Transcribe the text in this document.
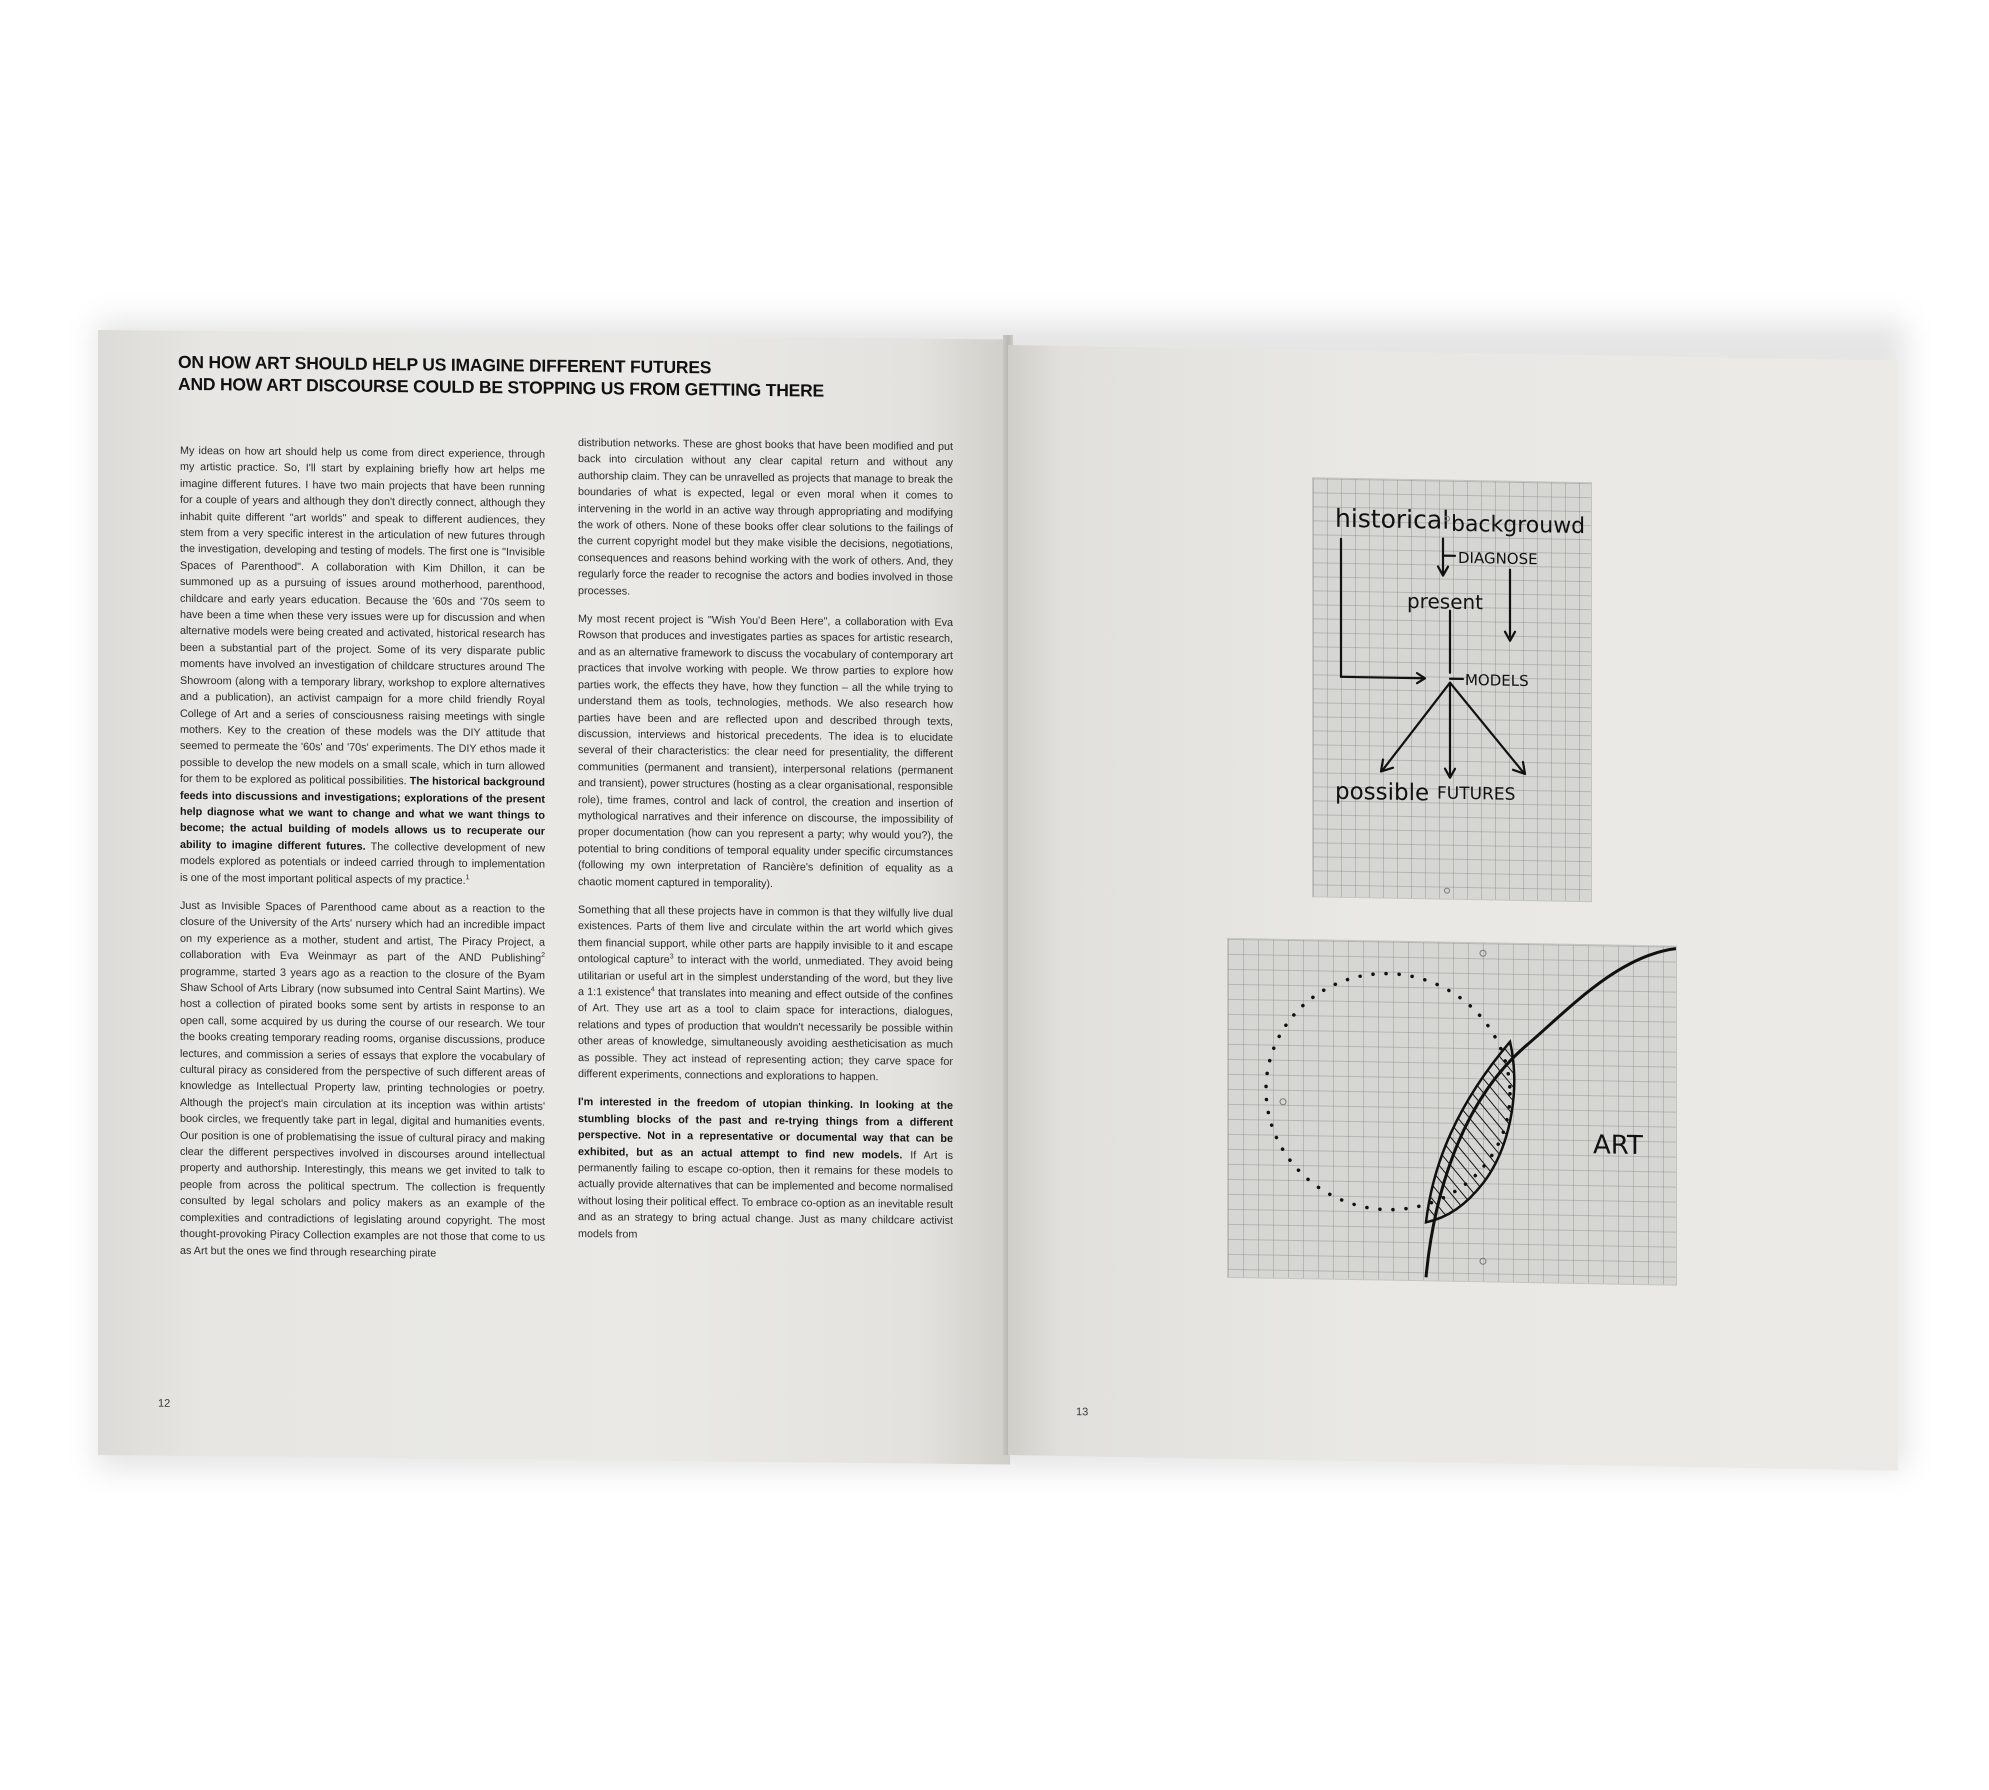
ON HOW ART SHOULD HELP US IMAGINE DIFFERENT FUTURES
AND HOW ART DISCOURSE COULD BE STOPPING US FROM GETTING THERE

My ideas on how art should help us come from direct experience, through my artistic practice. So, I'll start by explaining briefly how art helps me imagine different futures. I have two main projects that have been running for a couple of years and although they don't directly connect, although they inhabit quite different "art worlds" and speak to different audiences, they stem from a very specific interest in the articulation of new futures through the investigation, developing and testing of models. The first one is "Invisible Spaces of Parenthood". A collaboration with Kim Dhillon, it can be summoned up as a pursuing of issues around motherhood, parenthood, childcare and early years education. Because the '60s and '70s seem to have been a time when these very issues were up for discussion and when alternative models were being created and activated, historical research has been a substantial part of the project. Some of its very disparate public moments have involved an investigation of childcare structures around The Showroom (along with a temporary library, workshop to explore alternatives and a publication), an activist campaign for a more child friendly Royal College of Art and a series of consciousness raising meetings with single mothers. Key to the creation of these models was the DIY attitude that seemed to permeate the '60s' and '70s' experiments. The DIY ethos made it possible to develop the new models on a small scale, which in turn allowed for them to be explored as political possibilities. The historical background feeds into discussions and investigations; explorations of the present help diagnose what we want to change and what we want things to become; the actual building of models allows us to recuperate our ability to imagine different futures. The collective development of new models explored as potentials or indeed carried through to implementation is one of the most important political aspects of my practice.$^1$

Just as Invisible Spaces of Parenthood came about as a reaction to the closure of the University of the Arts' nursery which had an incredible impact on my experience as a mother, student and artist, The Piracy Project, a collaboration with Eva Weinmayr as part of the AND Publishing$^2$ programme, started 3 years ago as a reaction to the closure of the Byam Shaw School of Arts Library (now subsumed into Central Saint Martins). We host a collection of pirated books some sent by artists in response to an open call, some acquired by us during the course of our research. We tour the books creating temporary reading rooms, organise discussions, produce lectures, and commission a series of essays that explore the vocabulary of cultural piracy as considered from the perspective of such different areas of knowledge as Intellectual Property law, printing technologies or poetry. Although the project's main circulation at its inception was within artists' book circles, we frequently take part in legal, digital and humanities events. Our position is one of problematising the issue of cultural piracy and making clear the different perspectives involved in discourses around intellectual property and authorship. Interestingly, this means we get invited to talk to people from across the political spectrum. The collection is frequently consulted by legal scholars and policy makers as an example of the complexities and contradictions of legislating around copyright. The most thought-provoking Piracy Collection examples are not those that come to us as Art but the ones we find through researching pirate

distribution networks. These are ghost books that have been modified and put back into circulation without any clear capital return and without any authorship claim. They can be unravelled as projects that manage to break the boundaries of what is expected, legal or even moral when it comes to intervening in the world in an active way through appropriating and modifying the work of others. None of these books offer clear solutions to the failings of the current copyright model but they make visible the decisions, negotiations, consequences and reasons behind working with the work of others. And, they regularly force the reader to recognise the actors and bodies involved in those processes.

My most recent project is "Wish You'd Been Here", a collaboration with Eva Rowson that produces and investigates parties as spaces for artistic research, and as an alternative framework to discuss the vocabulary of contemporary art practices that involve working with people. We throw parties to explore how parties work, the effects they have, how they function – all the while trying to understand them as tools, technologies, methods. We also research how parties have been and are reflected upon and described through texts, discussion, interviews and historical precedents. The idea is to elucidate several of their characteristics: the clear need for presentiality, the different communities (permanent and transient), interpersonal relations (permanent and transient), power structures (hosting as a clear organisational, responsible role), time frames, control and lack of control, the creation and insertion of mythological narratives and their inference on discourse, the impossibility of proper documentation (how can you represent a party; why would you?), the potential to bring conditions of temporal equality under specific circumstances (following my own interpretation of Rancière's definition of equality as a chaotic moment captured in temporality).

Something that all these projects have in common is that they wilfully live dual existences. Parts of them live and circulate within the art world which gives them financial support, while other parts are happily invisible to it and escape ontological capture$^3$ to interact with the world, unmediated. They avoid being utilitarian or useful art in the simplest understanding of the word, but they live a 1:1 existence$^4$ that translates into meaning and effect outside of the confines of Art. They use art as a tool to claim space for interactions, dialogues, relations and types of production that wouldn't necessarily be possible within other areas of knowledge, simultaneously avoiding aestheticisation as much as possible. They act instead of representing action; they carve space for different experiments, connections and explorations to happen.

I'm interested in the freedom of utopian thinking. In looking at the stumbling blocks of the past and re-trying things from a different perspective. Not in a representative or documental way that can be exhibited, but as an actual attempt to find new models. If Art is permanently failing to escape co-option, then it remains for these models to actually provide alternatives that can be implemented and become normalised without losing their political effect. To embrace co-option as an inevitable result and as an strategy to bring actual change. Just as many childcare activist models from

12
historical backgrouwd
DIAGNOSE
present
MODELS
possible FUTURES
ART
13
